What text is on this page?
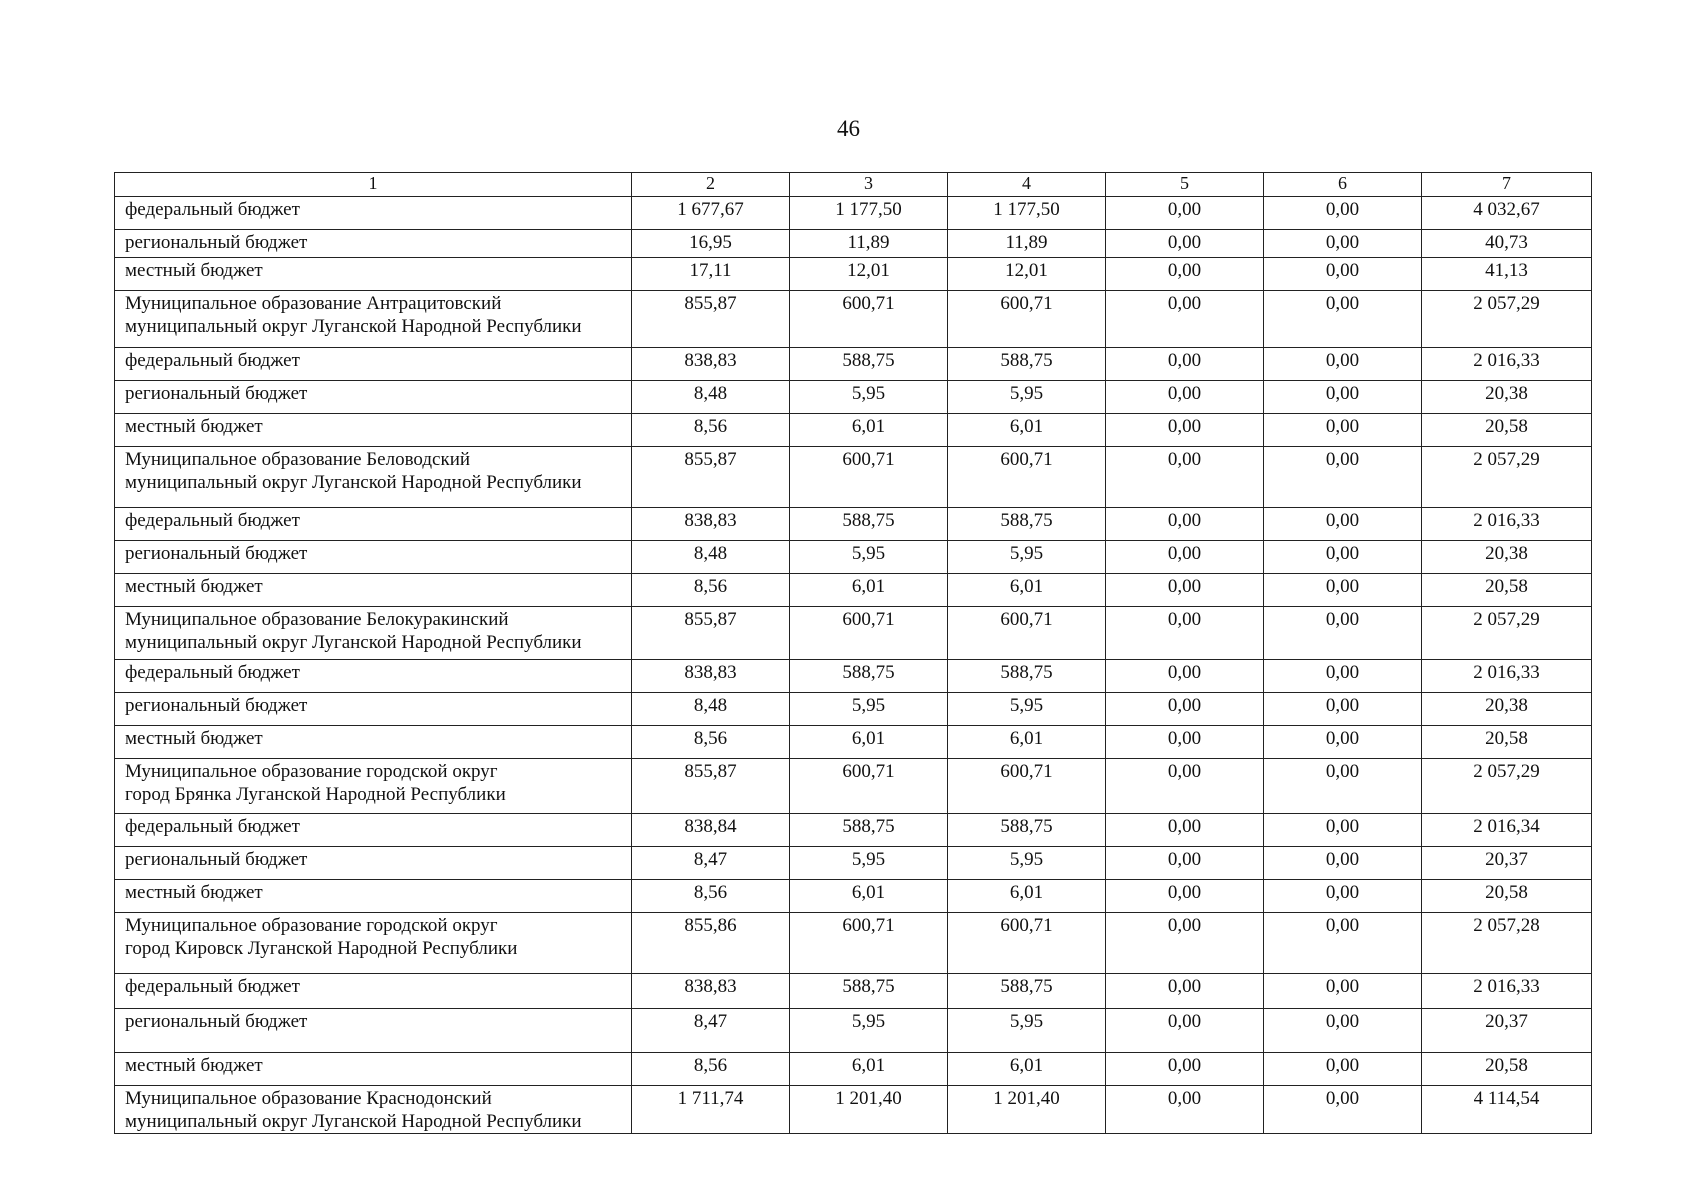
46
1	2	3	4	5	6	7

федеральный бюджет	1 677,67	1 177,50	1 177,50	0,00	0,00	4 032,67

региональный бюджет	16,95	11,89	11,89	0,00	0,00	40,73

местный бюджет	17,11	12,01	12,01	0,00	0,00	41,13

Муниципальное образование Антрацитовский
муниципальный округ Луганской Народной Республики	855,87	600,71	600,71	0,00	0,00	2 057,29

федеральный бюджет	838,83	588,75	588,75	0,00	0,00	2 016,33

региональный бюджет	8,48	5,95	5,95	0,00	0,00	20,38

местный бюджет	8,56	6,01	6,01	0,00	0,00	20,58

Муниципальное образование Беловодский
муниципальный округ Луганской Народной Республики	855,87	600,71	600,71	0,00	0,00	2 057,29

федеральный бюджет	838,83	588,75	588,75	0,00	0,00	2 016,33

региональный бюджет	8,48	5,95	5,95	0,00	0,00	20,38

местный бюджет	8,56	6,01	6,01	0,00	0,00	20,58

Муниципальное образование Белокуракинский
муниципальный округ Луганской Народной Республики	855,87	600,71	600,71	0,00	0,00	2 057,29

федеральный бюджет	838,83	588,75	588,75	0,00	0,00	2 016,33

региональный бюджет	8,48	5,95	5,95	0,00	0,00	20,38

местный бюджет	8,56	6,01	6,01	0,00	0,00	20,58

Муниципальное образование городской округ
город Брянка Луганской Народной Республики	855,87	600,71	600,71	0,00	0,00	2 057,29

федеральный бюджет	838,84	588,75	588,75	0,00	0,00	2 016,34

региональный бюджет	8,47	5,95	5,95	0,00	0,00	20,37

местный бюджет	8,56	6,01	6,01	0,00	0,00	20,58

Муниципальное образование городской округ
город Кировск Луганской Народной Республики	855,86	600,71	600,71	0,00	0,00	2 057,28

федеральный бюджет	838,83	588,75	588,75	0,00	0,00	2 016,33

региональный бюджет	8,47	5,95	5,95	0,00	0,00	20,37

местный бюджет	8,56	6,01	6,01	0,00	0,00	20,58

Муниципальное образование Краснодонский
муниципальный округ Луганской Народной Республики	1 711,74	1 201,40	1 201,40	0,00	0,00	4 114,54
